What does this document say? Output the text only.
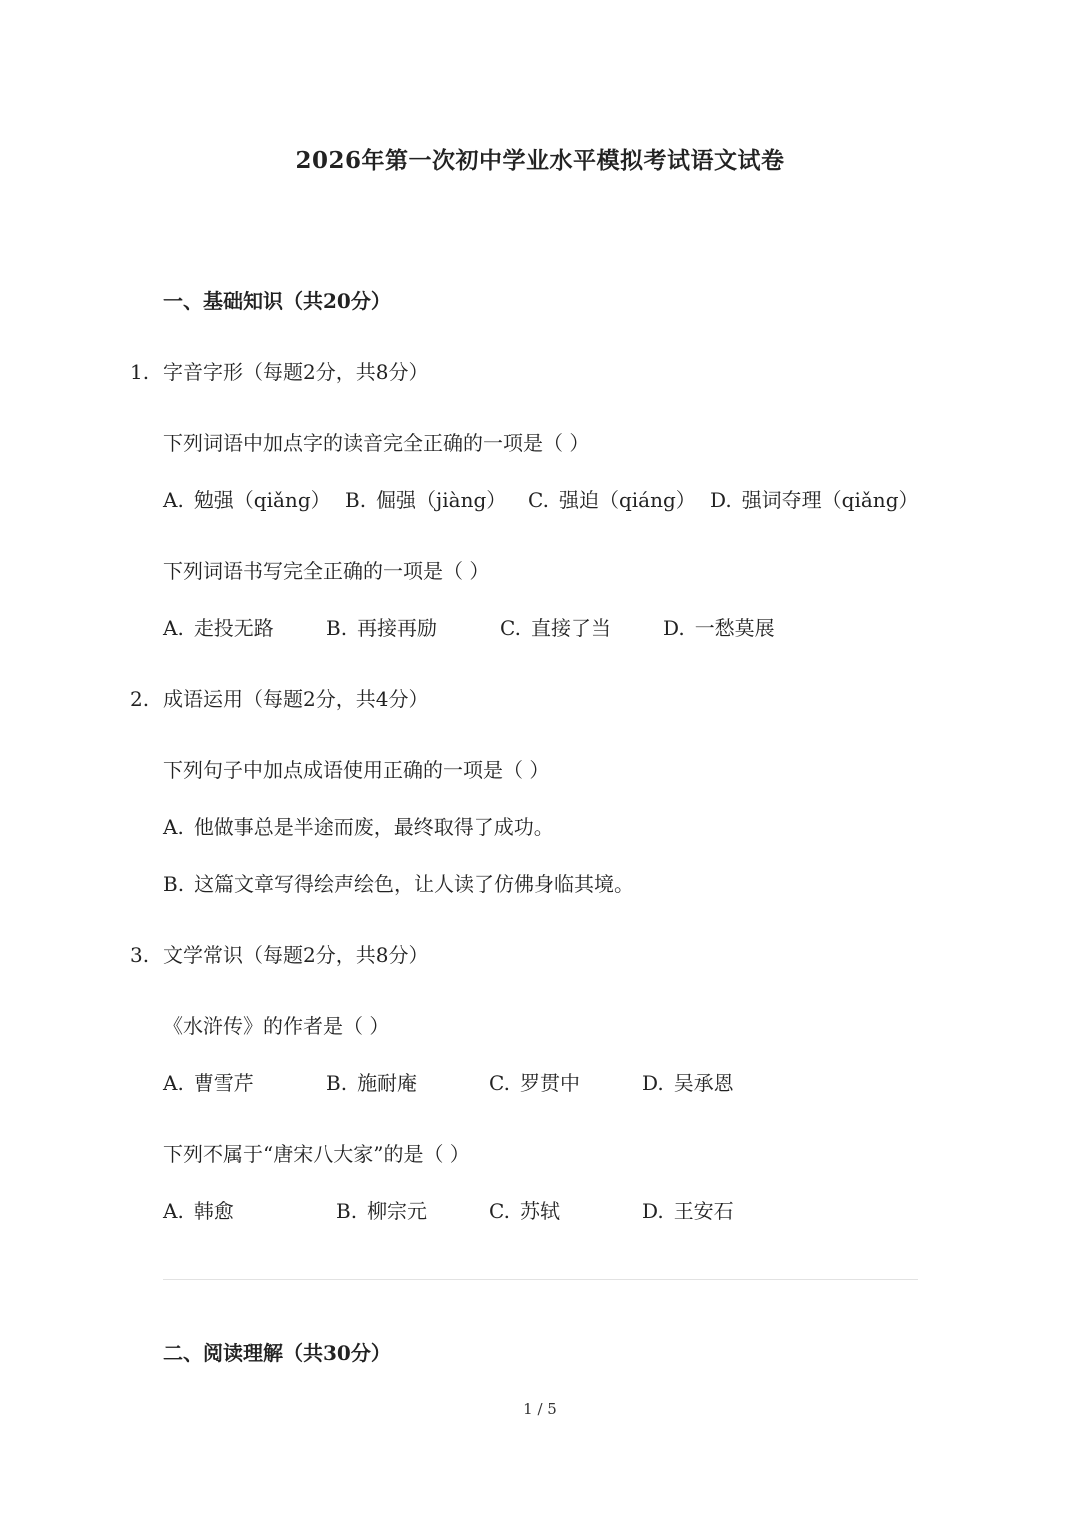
2026年第一次初中学业水平模拟考试语文试卷
一、基础知识（共20分）
1. 字音字形（每题2分，共8分）
下列词语中加点字的读音完全正确的一项是（ ）
A. 勉强（qiǎng） B. 倔强（jiàng） C. 强迫（qiáng） D. 强词夺理（qiǎng）
下列词语书写完全正确的一项是（ ）
A. 走投无路	B. 再接再励	C. 直接了当	D. 一愁莫展
2. 成语运用（每题2分，共4分）
下列句子中加点成语使用正确的一项是（ ）
A. 他做事总是半途而废，最终取得了成功。
B. 这篇文章写得绘声绘色，让人读了仿佛身临其境。
3. 文学常识（每题2分，共8分）
《水浒传》的作者是（ ）
A. 曹雪芹	B. 施耐庵	C. 罗贯中	D. 吴承恩
下列不属于“唐宋八大家”的是（ ）
A. 韩愈	B. 柳宗元	C. 苏轼	D. 王安石
二、阅读理解（共30分）
1 / 5
